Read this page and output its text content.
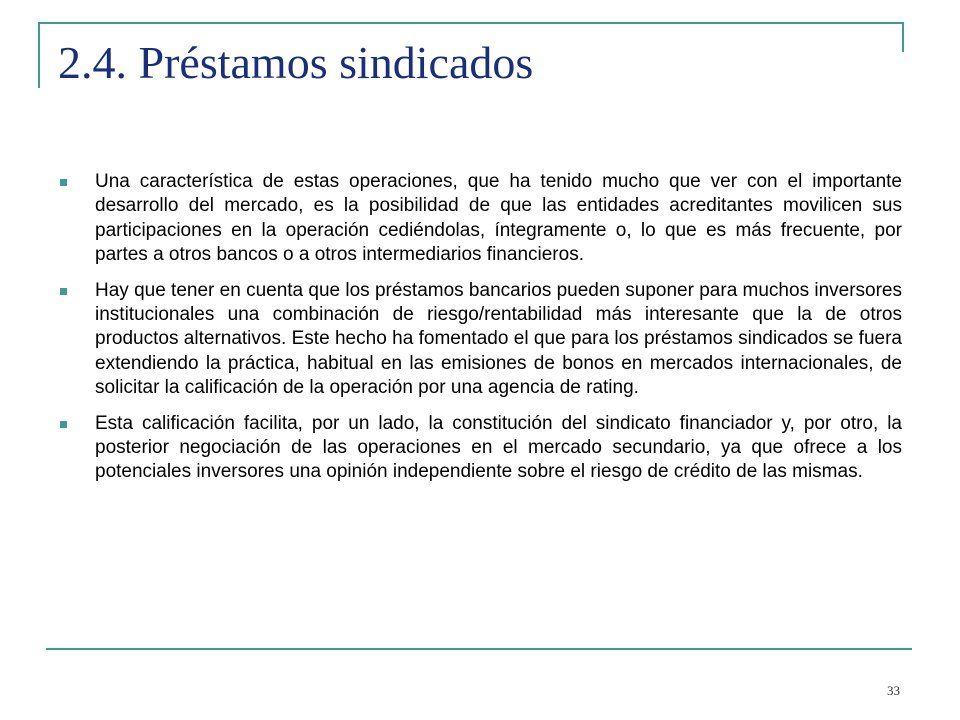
2.4. Préstamos sindicados
Una característica de estas operaciones, que ha tenido mucho que ver con el importante desarrollo del mercado, es la posibilidad de que las entidades acreditantes movilicen sus participaciones en la operación cediéndolas, íntegramente o, lo que es más frecuente, por partes a otros bancos o a otros intermediarios financieros.
Hay que tener en cuenta que los préstamos bancarios pueden suponer para muchos inversores institucionales una combinación de riesgo/rentabilidad más interesante que la de otros productos alternativos. Este hecho ha fomentado el que para los préstamos sindicados se fuera extendiendo la práctica, habitual en las emisiones de bonos en mercados internacionales, de solicitar la calificación de la operación por una agencia de rating.
Esta calificación facilita, por un lado, la constitución del sindicato financiador y, por otro, la posterior negociación de las operaciones en el mercado secundario, ya que ofrece a los potenciales inversores una opinión independiente sobre el riesgo de crédito de las mismas.
33
